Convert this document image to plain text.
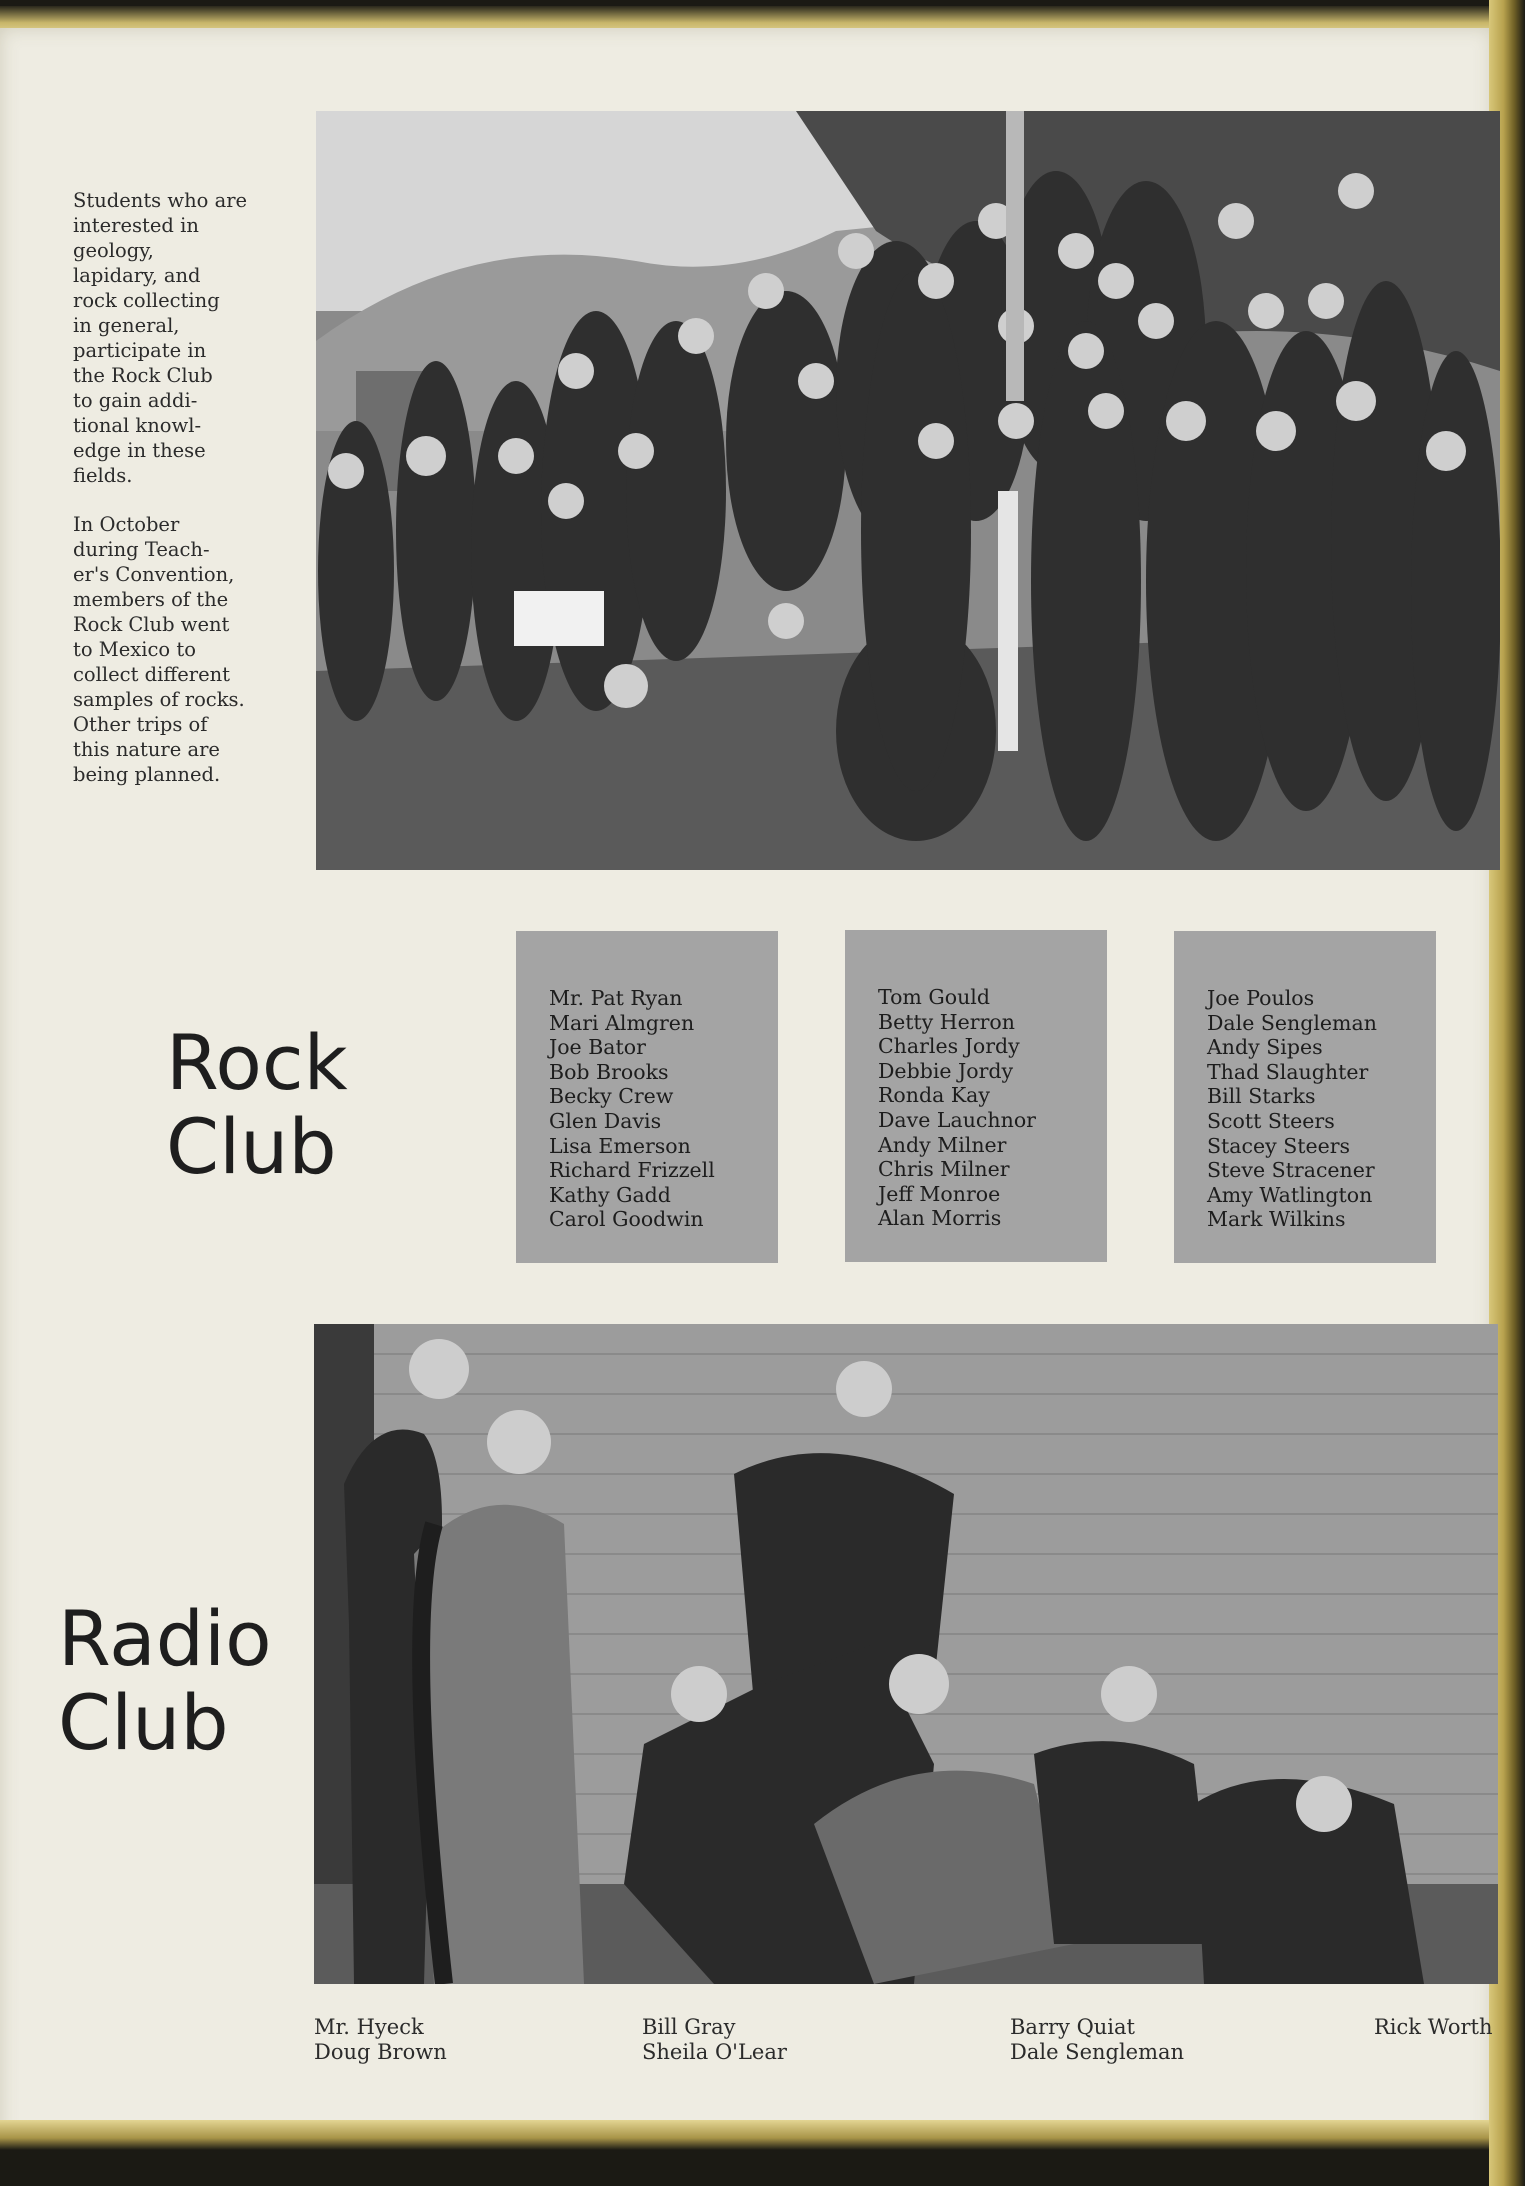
Students who are
interested in
geology,
lapidary, and
rock collecting
in general,
participate in
the Rock Club
to gain addi-
tional knowl-
edge in these
fields.

In October
during Teach-
er's Convention,
members of the
Rock Club went
to Mexico to
collect different
samples of rocks.
Other trips of
this nature are
being planned.

Rock
Club
Mr. Pat Ryan
Mari Almgren
Joe Bator
Bob Brooks
Becky Crew
Glen Davis
Lisa Emerson
Richard Frizzell
Kathy Gadd
Carol Goodwin
Tom Gould
Betty Herron
Charles Jordy
Debbie Jordy
Ronda Kay
Dave Lauchnor
Andy Milner
Chris Milner
Jeff Monroe
Alan Morris
Joe Poulos
Dale Sengleman
Andy Sipes
Thad Slaughter
Bill Starks
Scott Steers
Stacey Steers
Steve Stracener
Amy Watlington
Mark Wilkins
Radio
Club
Mr. Hyeck
Doug Brown
Bill Gray
Sheila O'Lear
Barry Quiat
Dale Sengleman
Rick Worth
